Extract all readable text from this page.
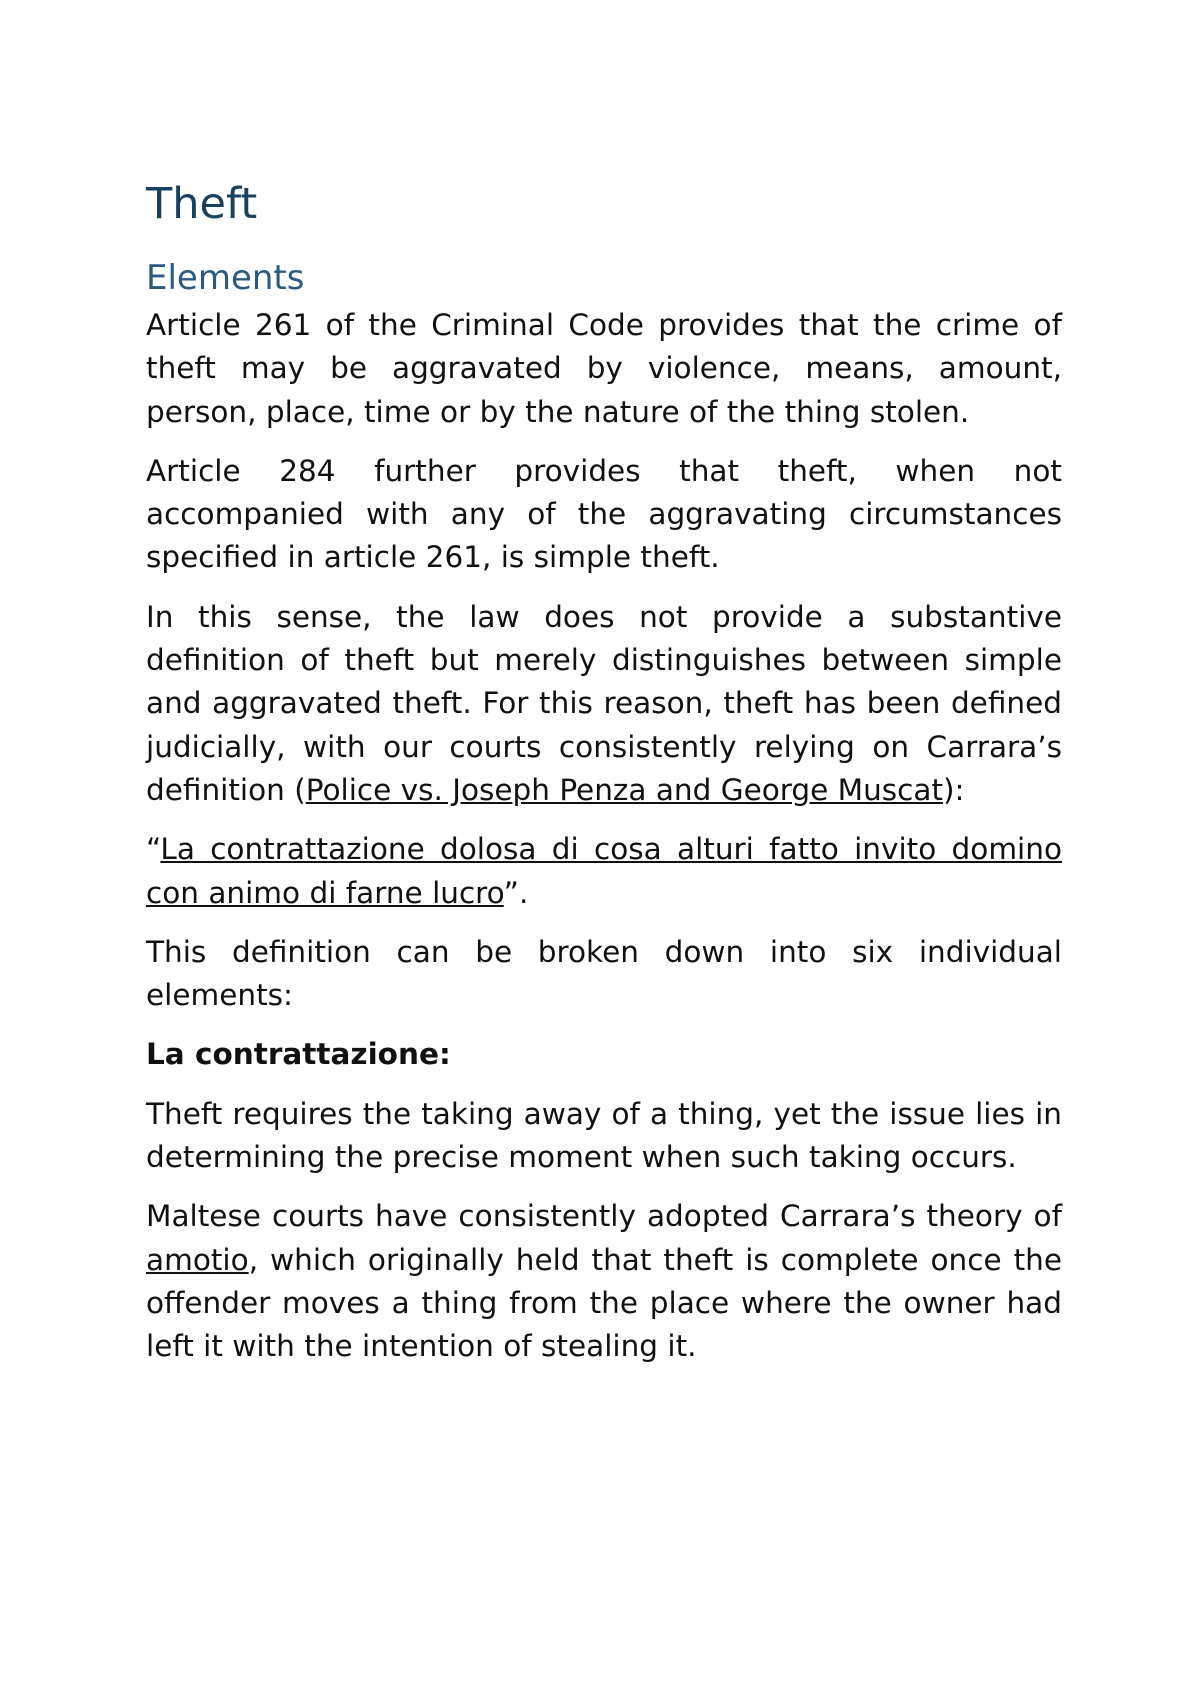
Theft
Elements

Article 261 of the Criminal Code provides that the crime of theft may be aggravated by violence, means, amount, person, place, time or by the nature of the thing stolen.

Article 284 further provides that theft, when not accompanied with any of the aggravating circumstances specified in article 261, is simple theft.

In this sense, the law does not provide a substantive definition of theft but merely distinguishes between simple and aggravated theft. For this reason, theft has been defined judicially, with our courts consistently relying on Carrara’s definition (Police vs. Joseph Penza and George Muscat):

“La contrattazione dolosa di cosa alturi fatto invito domino con animo di farne lucro”.

This definition can be broken down into six individual elements:

La contrattazione:

Theft requires the taking away of a thing, yet the issue lies in determining the precise moment when such taking occurs.

Maltese courts have consistently adopted Carrara’s theory of amotio, which originally held that theft is complete once the offender moves a thing from the place where the owner had left it with the intention of stealing it.
